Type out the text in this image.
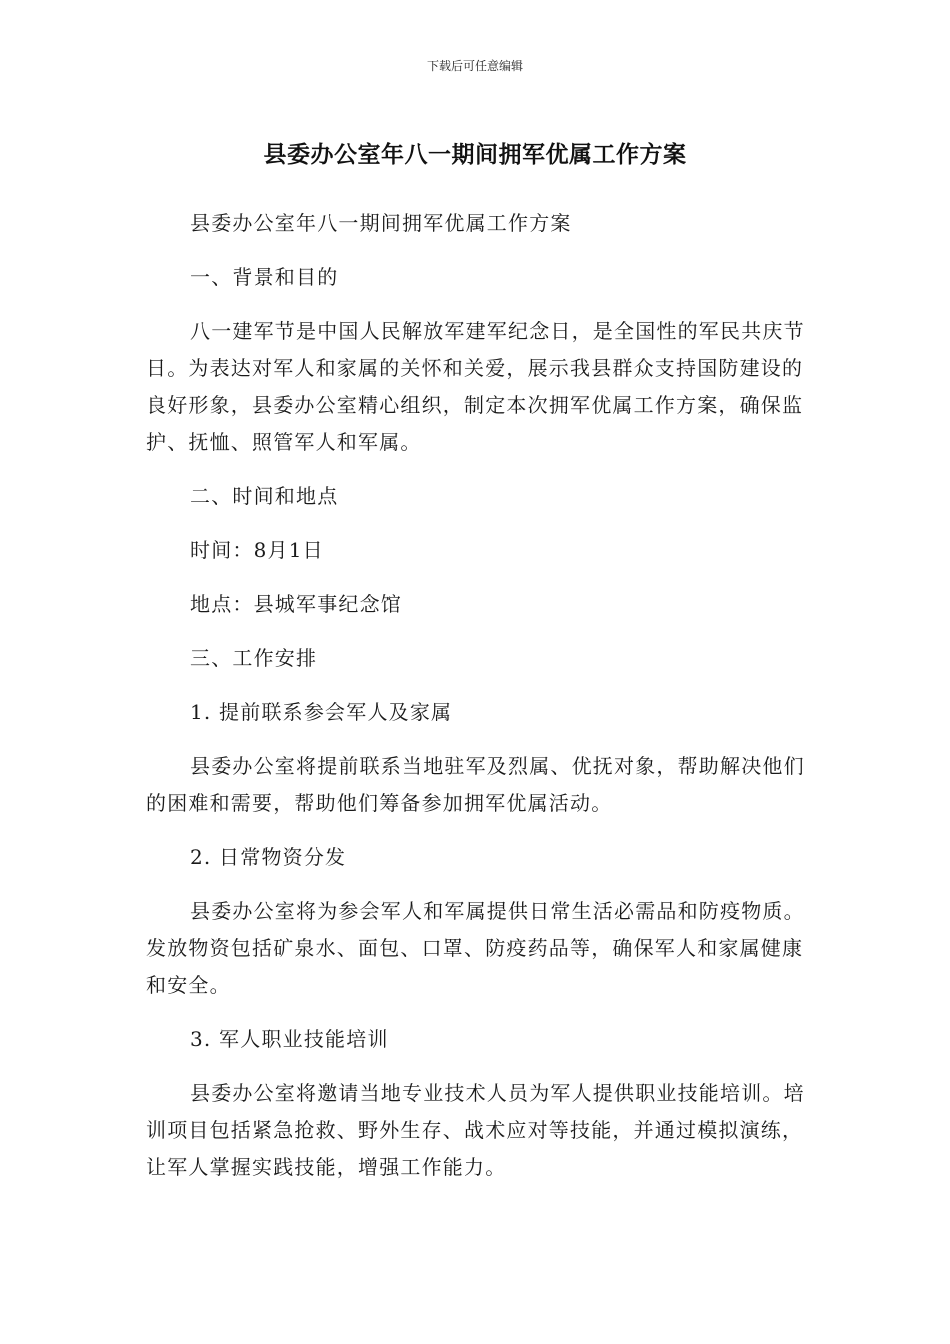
下载后可任意编辑
县委办公室年八一期间拥军优属工作方案

县委办公室年八一期间拥军优属工作方案

一、背景和目的

八一建军节是中国人民解放军建军纪念日，是全国性的军民共庆节日。为表达对军人和家属的关怀和关爱，展示我县群众支持国防建设的良好形象，县委办公室精心组织，制定本次拥军优属工作方案，确保监护、抚恤、照管军人和军属。

二、时间和地点

时间：8月1日

地点：县城军事纪念馆

三、工作安排

1. 提前联系参会军人及家属

县委办公室将提前联系当地驻军及烈属、优抚对象，帮助解决他们的困难和需要，帮助他们筹备参加拥军优属活动。

2. 日常物资分发

县委办公室将为参会军人和军属提供日常生活必需品和防疫物质。发放物资包括矿泉水、面包、口罩、防疫药品等，确保军人和家属健康和安全。

3. 军人职业技能培训

县委办公室将邀请当地专业技术人员为军人提供职业技能培训。培训项目包括紧急抢救、野外生存、战术应对等技能，并通过模拟演练，让军人掌握实践技能，增强工作能力。
